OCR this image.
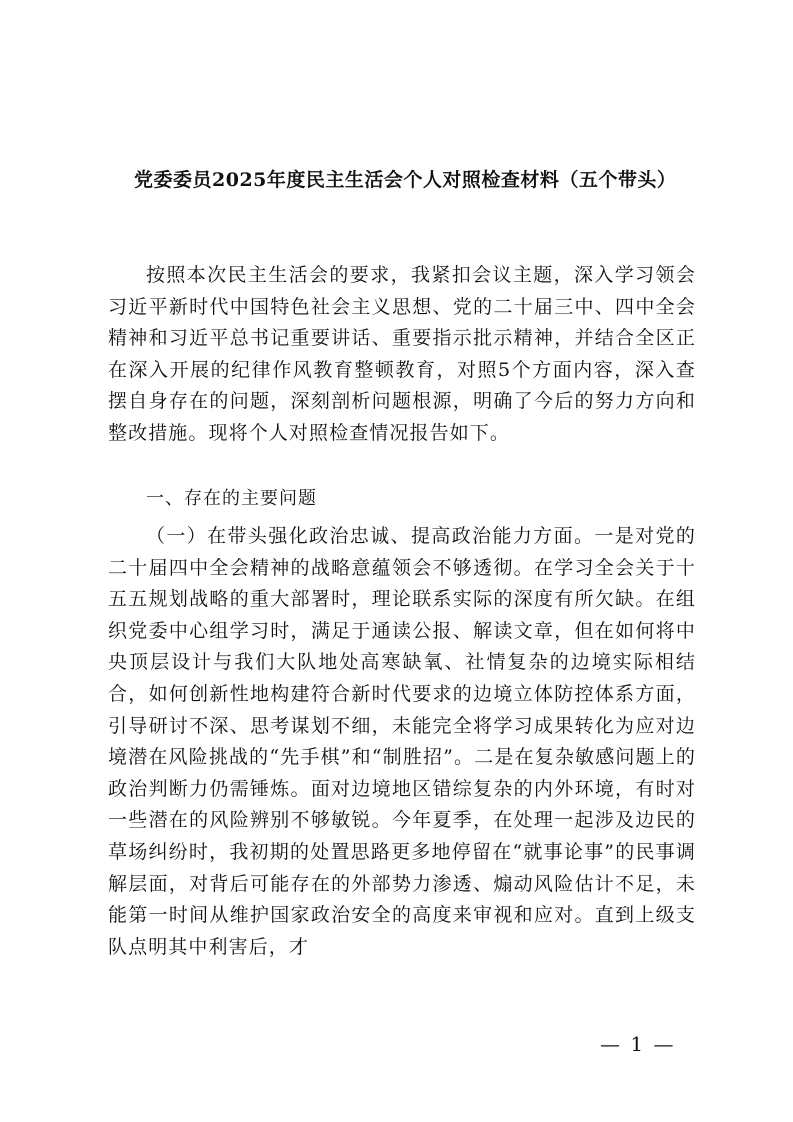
党委委员2025年度民主生活会个人对照检查材料（五个带头）
按照本次民主生活会的要求，我紧扣会议主题，深入学习领会习近平新时代中国特色社会主义思想、党的二十届三中、四中全会精神和习近平总书记重要讲话、重要指示批示精神，并结合全区正在深入开展的纪律作风教育整顿教育，对照5个方面内容，深入查摆自身存在的问题，深刻剖析问题根源，明确了今后的努力方向和整改措施。现将个人对照检查情况报告如下。
一、存在的主要问题
（一）在带头强化政治忠诚、提高政治能力方面。一是对党的二十届四中全会精神的战略意蕴领会不够透彻。在学习全会关于十五五规划战略的重大部署时，理论联系实际的深度有所欠缺。在组织党委中心组学习时，满足于通读公报、解读文章，但在如何将中央顶层设计与我们大队地处高寒缺氧、社情复杂的边境实际相结合，如何创新性地构建符合新时代要求的边境立体防控体系方面，引导研讨不深、思考谋划不细，未能完全将学习成果转化为应对边境潜在风险挑战的“先手棋”和“制胜招”。二是在复杂敏感问题上的政治判断力仍需锤炼。面对边境地区错综复杂的内外环境，有时对一些潜在的风险辨别不够敏锐。今年夏季，在处理一起涉及边民的草场纠纷时，我初期的处置思路更多地停留在“就事论事”的民事调解层面，对背后可能存在的外部势力渗透、煽动风险估计不足，未能第一时间从维护国家政治安全的高度来审视和应对。直到上级支队点明其中利害后，才
— 1 —
